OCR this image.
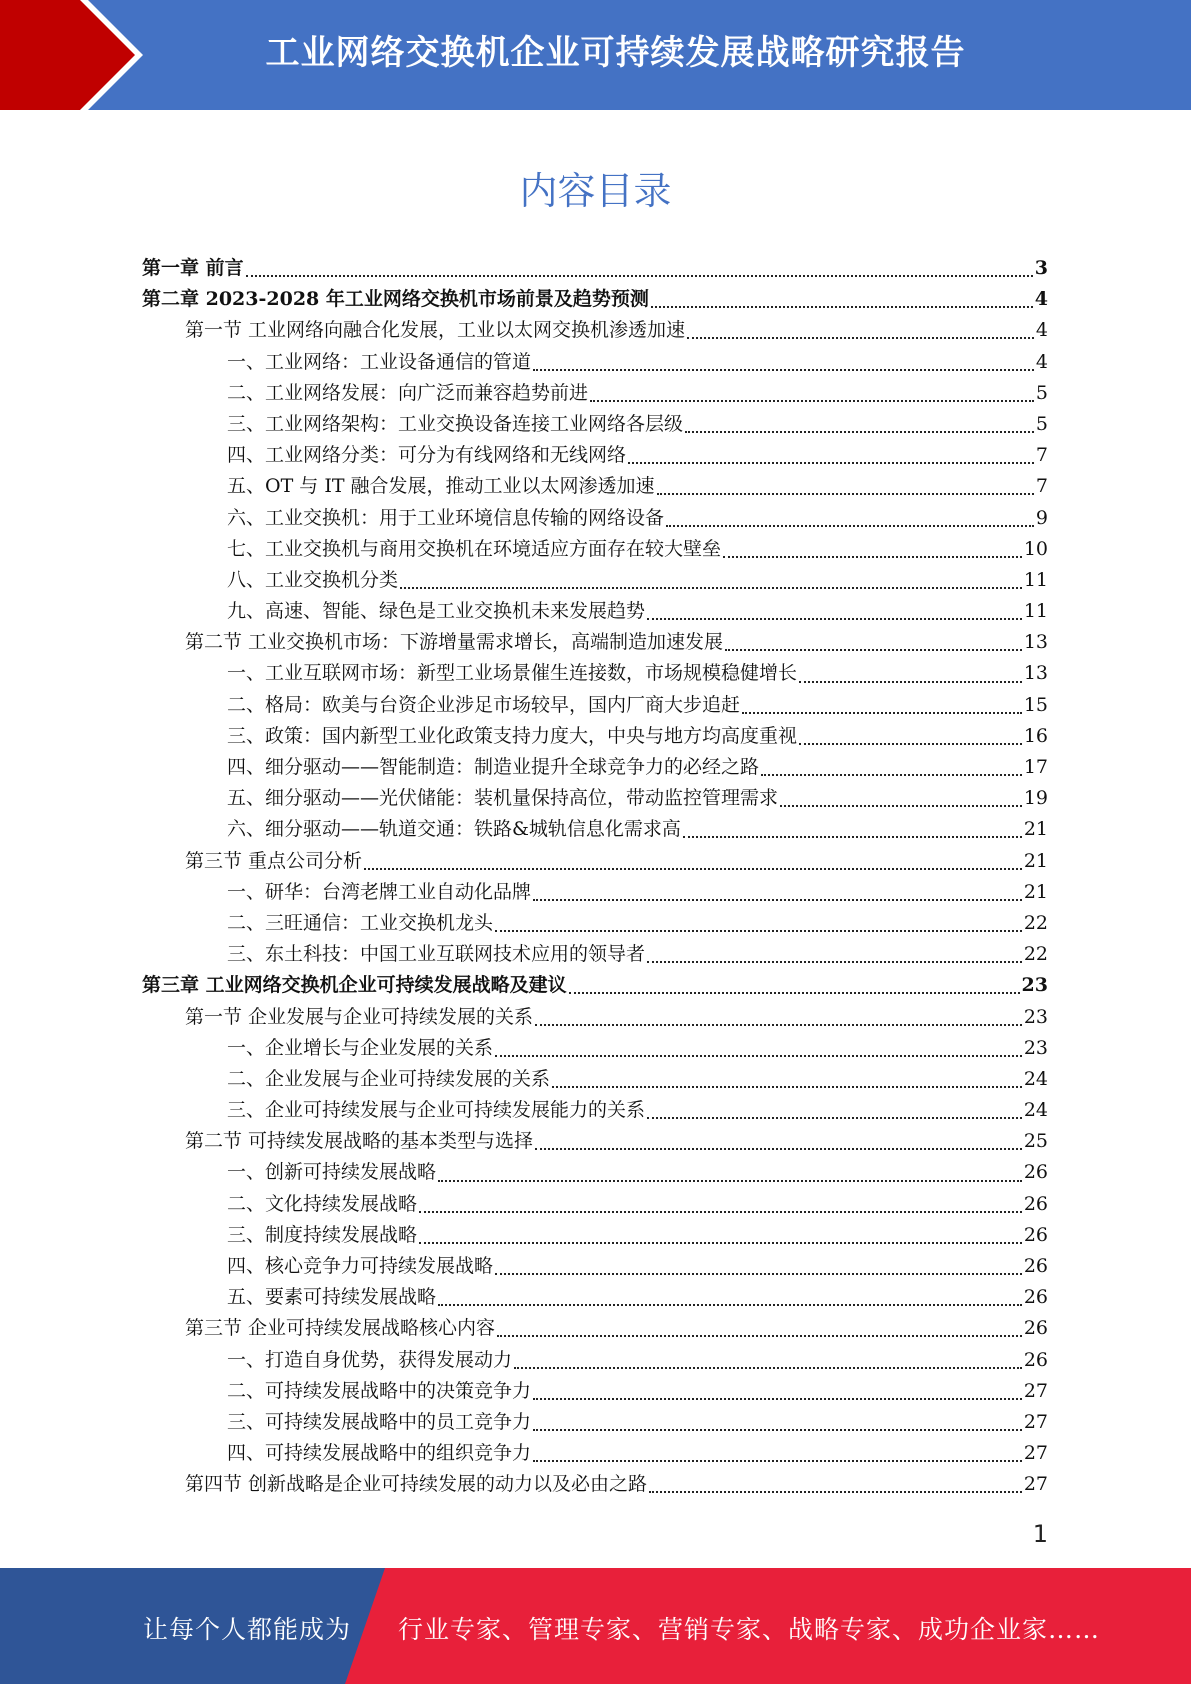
工业网络交换机企业可持续发展战略研究报告
内容目录
第一章 前言	3
第二章 2023-2028 年工业网络交换机市场前景及趋势预测	4
第一节 工业网络向融合化发展，工业以太网交换机渗透加速	4
一、工业网络：工业设备通信的管道	4
二、工业网络发展：向广泛而兼容趋势前进	5
三、工业网络架构：工业交换设备连接工业网络各层级	5
四、工业网络分类：可分为有线网络和无线网络	7
五、OT 与 IT 融合发展，推动工业以太网渗透加速	7
六、工业交换机：用于工业环境信息传输的网络设备	9
七、工业交换机与商用交换机在环境适应方面存在较大壁垒	10
八、工业交换机分类	11
九、高速、智能、绿色是工业交换机未来发展趋势	11
第二节 工业交换机市场：下游增量需求增长，高端制造加速发展	13
一、工业互联网市场：新型工业场景催生连接数，市场规模稳健增长	13
二、格局：欧美与台资企业涉足市场较早，国内厂商大步追赶	15
三、政策：国内新型工业化政策支持力度大，中央与地方均高度重视	16
四、细分驱动——智能制造：制造业提升全球竞争力的必经之路	17
五、细分驱动——光伏储能：装机量保持高位，带动监控管理需求	19
六、细分驱动——轨道交通：铁路&城轨信息化需求高	21
第三节 重点公司分析	21
一、研华：台湾老牌工业自动化品牌	21
二、三旺通信：工业交换机龙头	22
三、东土科技：中国工业互联网技术应用的领导者	22
第三章 工业网络交换机企业可持续发展战略及建议	23
第一节 企业发展与企业可持续发展的关系	23
一、企业增长与企业发展的关系	23
二、企业发展与企业可持续发展的关系	24
三、企业可持续发展与企业可持续发展能力的关系	24
第二节 可持续发展战略的基本类型与选择	25
一、创新可持续发展战略	26
二、文化持续发展战略	26
三、制度持续发展战略	26
四、核心竞争力可持续发展战略	26
五、要素可持续发展战略	26
第三节 企业可持续发展战略核心内容	26
一、打造自身优势，获得发展动力	26
二、可持续发展战略中的决策竞争力	27
三、可持续发展战略中的员工竞争力	27
四、可持续发展战略中的组织竞争力	27
第四节 创新战略是企业可持续发展的动力以及必由之路	27
1
让每个人都能成为 行业专家、管理专家、营销专家、战略专家、成功企业家……
